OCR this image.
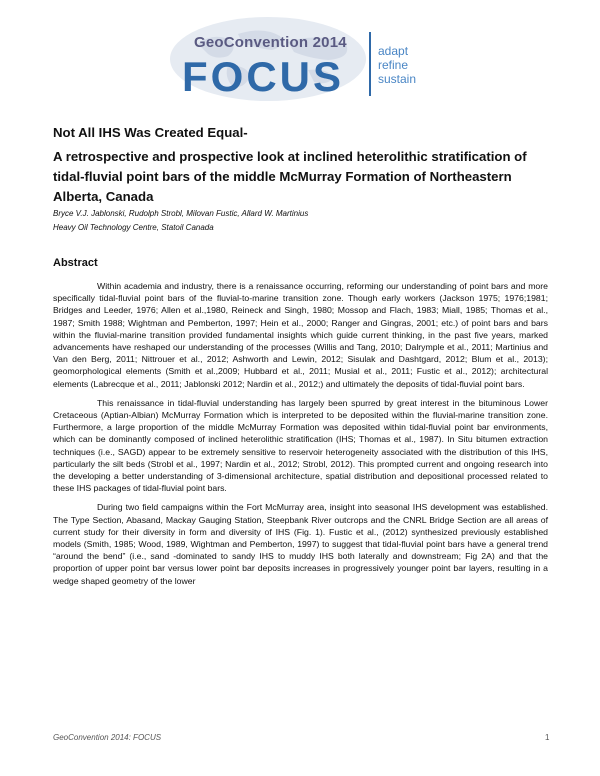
GeoConvention 2014
FOCUS
adapt
refine
sustain
Not All IHS Was Created Equal-
A retrospective and prospective look at inclined heterolithic stratification of tidal-fluvial point bars of the middle McMurray Formation of Northeastern Alberta, Canada
Bryce V.J. Jablonski, Rudolph Strobl, Milovan Fustic, Allard W. Martinius
Heavy Oil Technology Centre, Statoil Canada
Abstract

Within academia and industry, there is a renaissance occurring, reforming our understanding of point bars and more specifically tidal-fluvial point bars of the fluvial-to-marine transition zone. Though early workers (Jackson 1975; 1976;1981; Bridges and Leeder, 1976; Allen et al.,1980, Reineck and Singh, 1980; Mossop and Flach, 1983; Miall, 1985; Thomas et al., 1987; Smith 1988; Wightman and Pemberton, 1997; Hein et al., 2000; Ranger and Gingras, 2001; etc.) of point bars and bars within the fluvial-marine transition provided fundamental insights which guide current thinking, in the past five years, marked advancements have reshaped our understanding of the processes (Willis and Tang, 2010; Dalrymple et al., 2011; Martinius and Van den Berg, 2011; Nittrouer et al., 2012; Ashworth and Lewin, 2012; Sisulak and Dashtgard, 2012; Blum et al., 2013); geomorphological elements (Smith et al.,2009; Hubbard et al., 2011; Musial et al., 2011; Fustic et al., 2012); architectural elements (Labrecque et al., 2011; Jablonski 2012; Nardin et al., 2012;) and ultimately the deposits of tidal-fluvial point bars.

This renaissance in tidal-fluvial understanding has largely been spurred by great interest in the bituminous Lower Cretaceous (Aptian-Albian) McMurray Formation which is interpreted to be deposited within the fluvial-marine transition zone. Furthermore, a large proportion of the middle McMurray Formation was deposited within tidal-fluvial point bar environments, which can be dominantly composed of inclined heterolithic stratification (IHS; Thomas et al., 1987). In Situ bitumen extraction techniques (i.e., SAGD) appear to be extremely sensitive to reservoir heterogeneity associated with the distribution of this IHS, particularly the silt beds (Strobl et al., 1997; Nardin et al., 2012; Strobl, 2012). This prompted current and ongoing research into the developing a better understanding of 3-dimensional architecture, spatial distribution and depositional processed related to these IHS packages of tidal-fluvial point bars.

During two field campaigns within the Fort McMurray area, insight into seasonal IHS development was established. The Type Section, Abasand, Mackay Gauging Station, Steepbank River outcrops and the CNRL Bridge Section are all areas of current study for their diversity in form and diversity of IHS (Fig. 1). Fustic et al., (2012) synthesized previously established models (Smith, 1985; Wood, 1989, Wightman and Pemberton, 1997) to suggest that tidal-fluvial point bars have a general trend “around the bend” (i.e., sand -dominated to sandy IHS to muddy IHS both laterally and downstream; Fig 2A) and that the proportion of upper point bar versus lower point bar deposits increases in progressively younger point bar layers, resulting in a wedge shaped geometry of the lower

GeoConvention 2014: FOCUS	1
